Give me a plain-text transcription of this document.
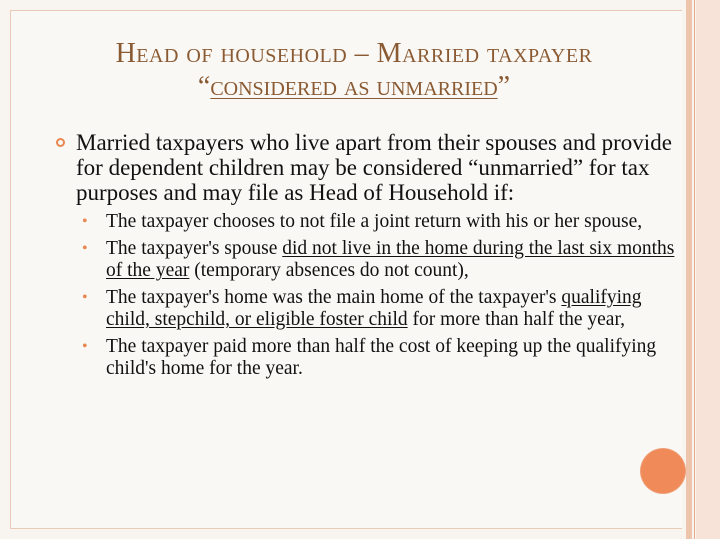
Head of household – Married taxpayer
“considered as unmarried”
Married taxpayers who live apart from their spouses and provide for dependent children may be considered “unmarried” for tax purposes and may file as Head of Household if:
• The taxpayer chooses to not file a joint return with his or her spouse,
• The taxpayer's spouse did not live in the home during the last six months of the year (temporary absences do not count),
• The taxpayer's home was the main home of the taxpayer's qualifying child, stepchild, or eligible foster child for more than half the year,
• The taxpayer paid more than half the cost of keeping up the qualifying child's home for the year.
